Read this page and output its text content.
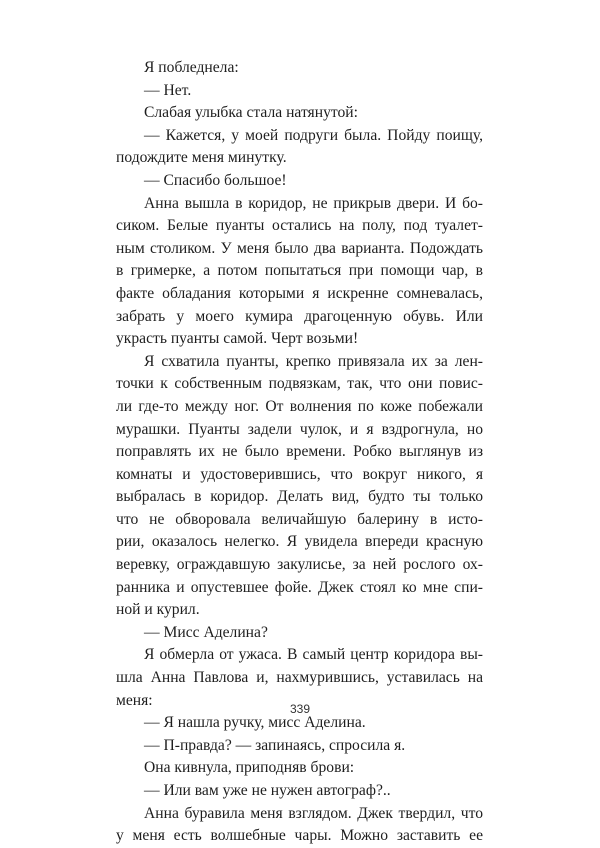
Я побледнела:
— Нет.
Слабая улыбка стала натянутой:
— Кажется, у моей подруги была. Пойду поищу,
подождите меня минутку.
— Спасибо большое!
Анна вышла в коридор, не прикрыв двери. И бо-
сиком. Белые пуанты остались на полу, под туалет-
ным столиком. У меня было два варианта. Подождать
в гримерке, а потом попытаться при помощи чар, в
факте обладания которыми я искренне сомневалась,
забрать у моего кумира драгоценную обувь. Или
украсть пуанты самой. Черт возьми!
Я схватила пуанты, крепко привязала их за лен-
точки к собственным подвязкам, так, что они повис-
ли где-то между ног. От волнения по коже побежали
мурашки. Пуанты задели чулок, и я вздрогнула, но
поправлять их не было времени. Робко выглянув из
комнаты и удостоверившись, что вокруг никого, я
выбралась в коридор. Делать вид, будто ты только
что не обворовала величайшую балерину в исто-
рии, оказалось нелегко. Я увидела впереди красную
веревку, ограждавшую закулисье, за ней рослого ох-
ранника и опустевшее фойе. Джек стоял ко мне спи-
ной и курил.
— Мисс Аделина?
Я обмерла от ужаса. В самый центр коридора вы-
шла Анна Павлова и, нахмурившись, уставилась на
меня:
— Я нашла ручку, мисс Аделина.
— П-правда? — запинаясь, спросила я.
Она кивнула, приподняв брови:
— Или вам уже не нужен автограф?..
Анна буравила меня взглядом. Джек твердил, что
у меня есть волшебные чары. Можно заставить ее
339
